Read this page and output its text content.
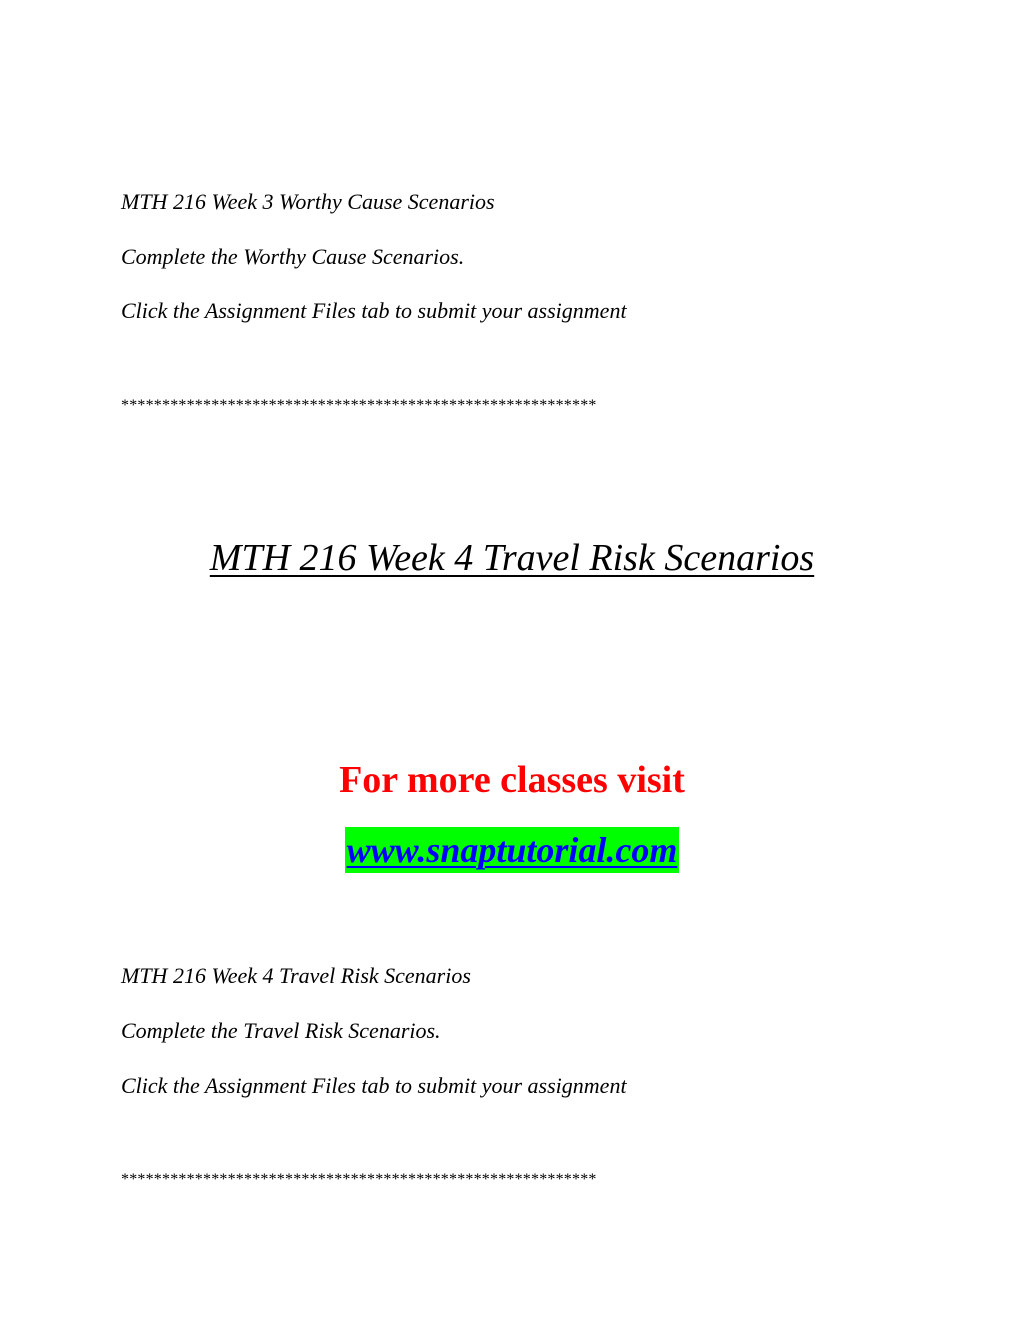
MTH 216 Week 3 Worthy Cause Scenarios
Complete the Worthy Cause Scenarios.
Click the Assignment Files tab to submit your assignment
**********************************************************
MTH 216 Week 4 Travel Risk Scenarios
For more classes visit
www.snaptutorial.com
MTH 216 Week 4 Travel Risk Scenarios
Complete the Travel Risk Scenarios.
Click the Assignment Files tab to submit your assignment
**********************************************************
